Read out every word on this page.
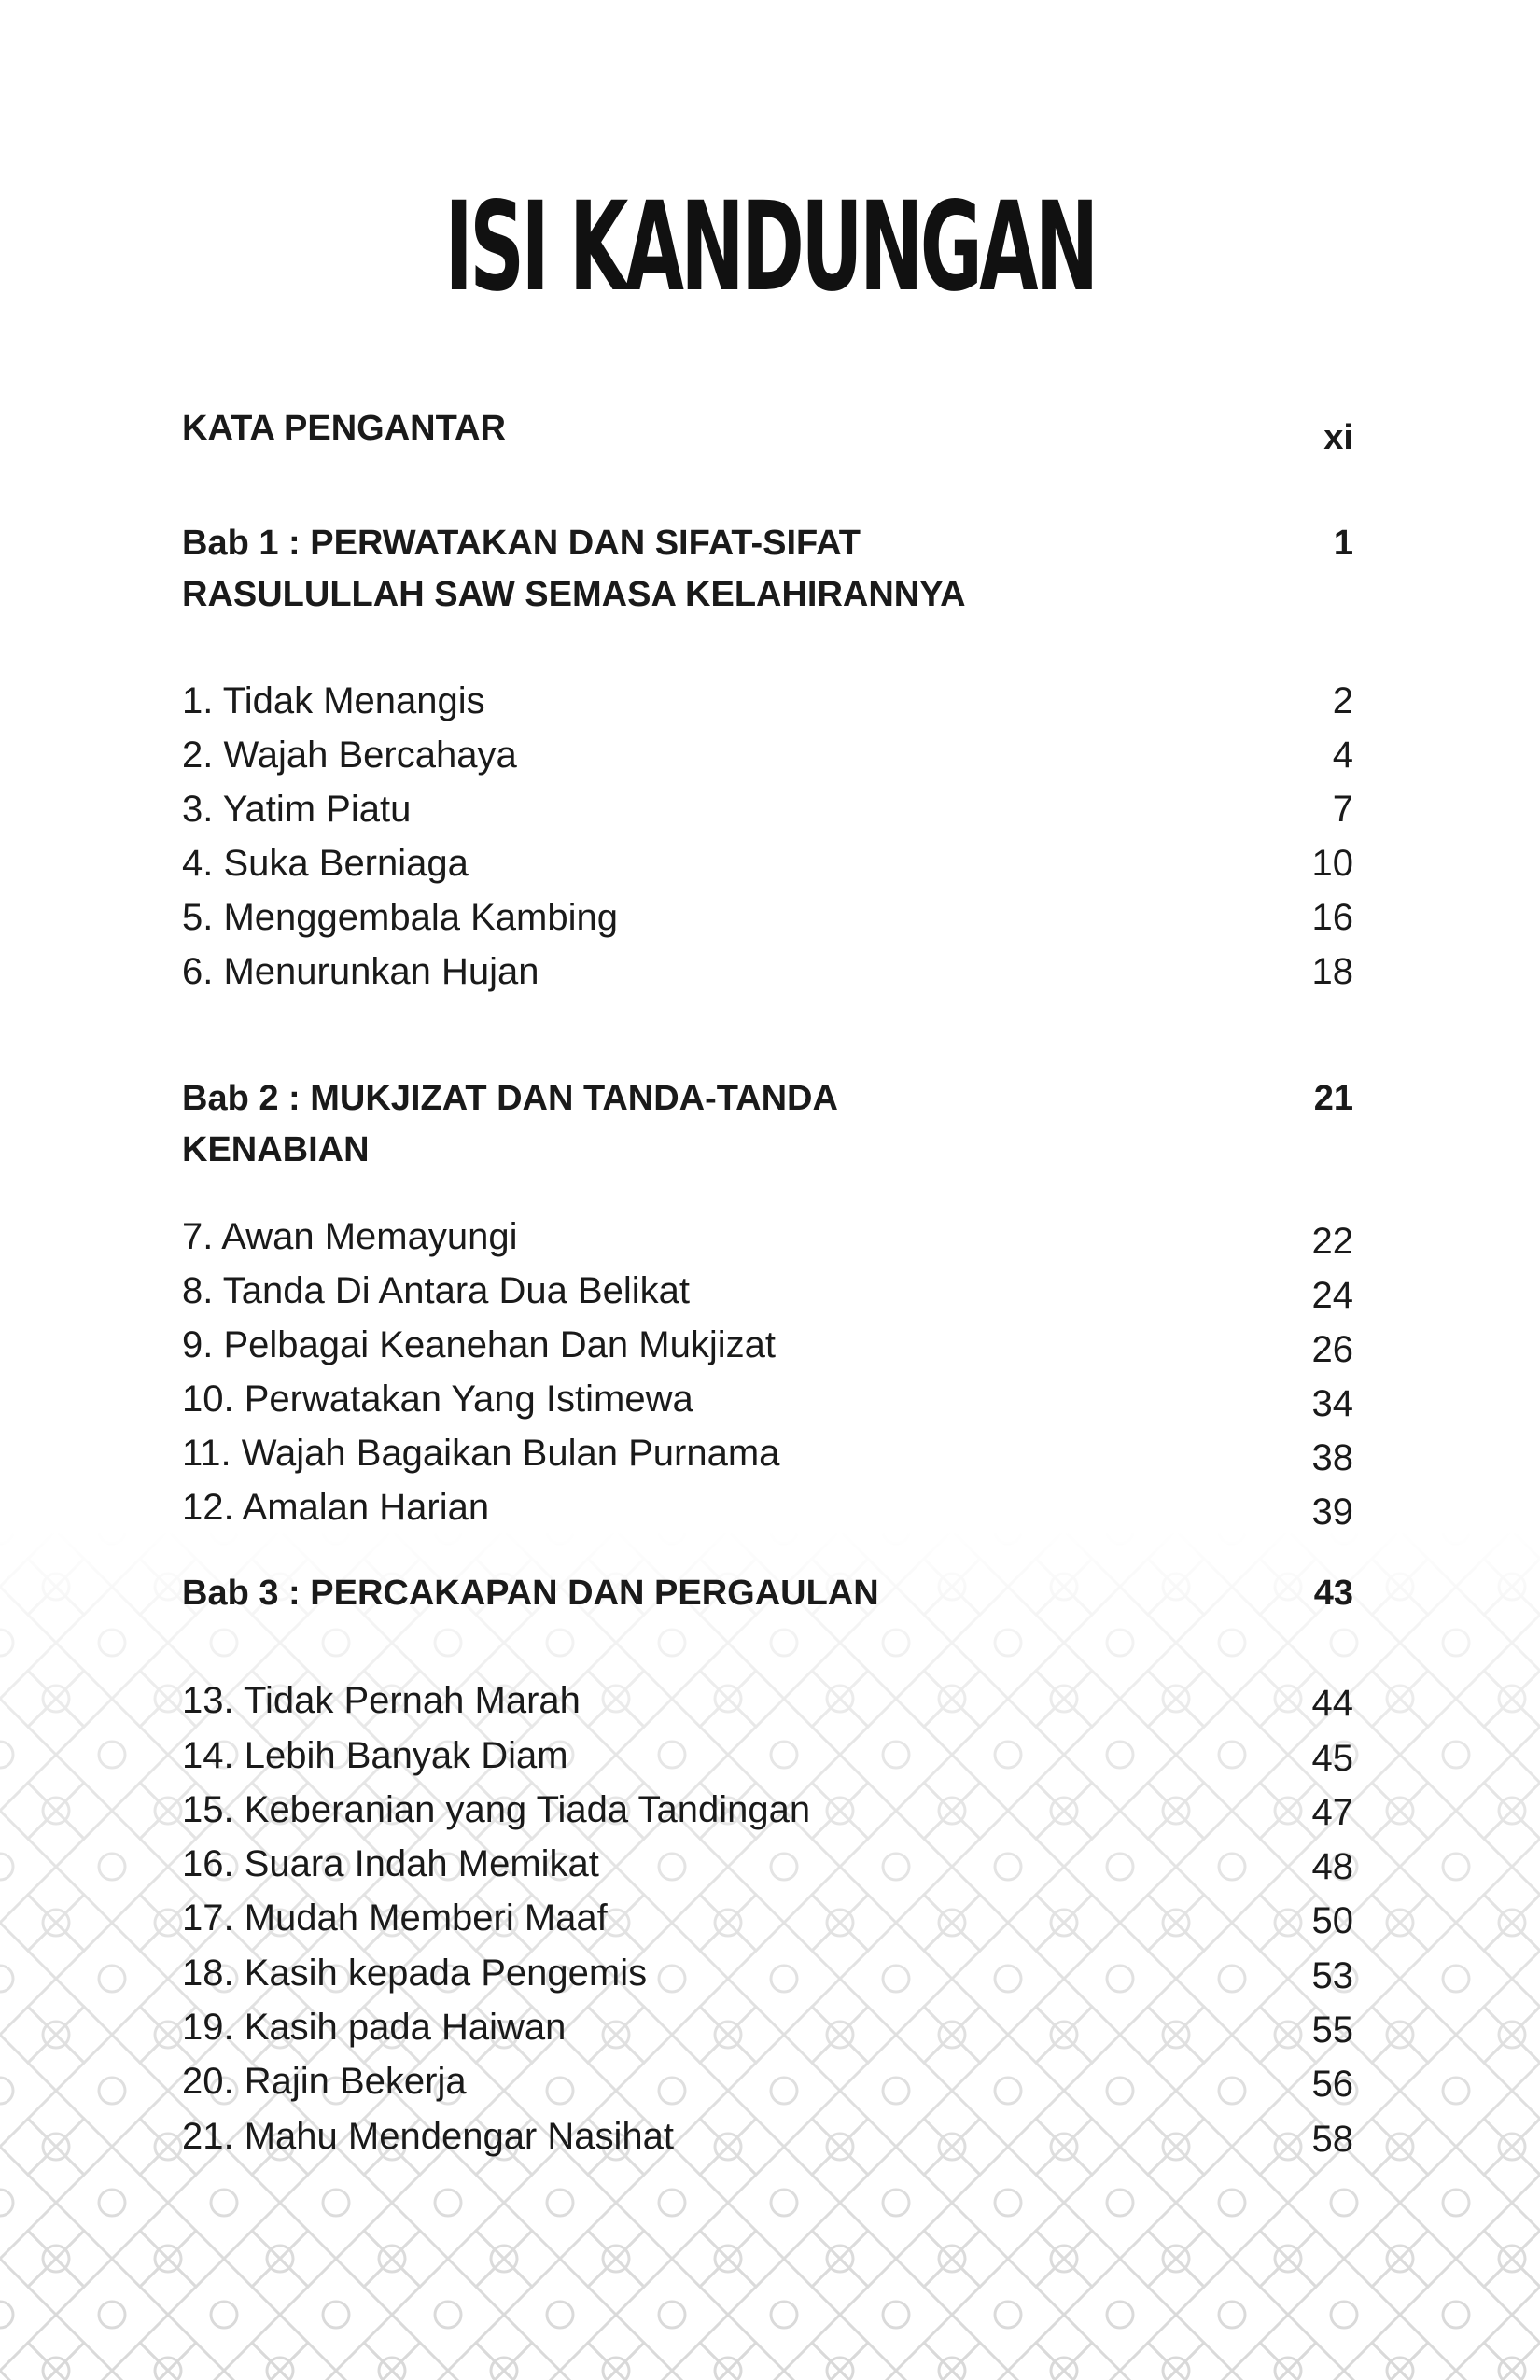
ISI KANDUNGAN
KATA PENGANTAR	xi
Bab 1 : PERWATAKAN DAN SIFAT-SIFAT	1
RASULULLAH SAW SEMASA KELAHIRANNYA
1. Tidak Menangis	2
2. Wajah Bercahaya	4
3. Yatim Piatu	7
4. Suka Berniaga	10
5. Menggembala Kambing	16
6. Menurunkan Hujan	18
Bab 2 : MUKJIZAT DAN TANDA-TANDA	21
KENABIAN
7. Awan Memayungi	22
8. Tanda Di Antara Dua Belikat	24
9. Pelbagai Keanehan Dan Mukjizat	26
10. Perwatakan Yang Istimewa	34
11. Wajah Bagaikan Bulan Purnama	38
12. Amalan Harian	39
Bab 3 : PERCAKAPAN DAN PERGAULAN	43
13. Tidak Pernah Marah	44
14. Lebih Banyak Diam	45
15. Keberanian yang Tiada Tandingan	47
16. Suara Indah Memikat	48
17. Mudah Memberi Maaf	50
18. Kasih kepada Pengemis	53
19. Kasih pada Haiwan	55
20. Rajin Bekerja	56
21. Mahu Mendengar Nasihat	58
